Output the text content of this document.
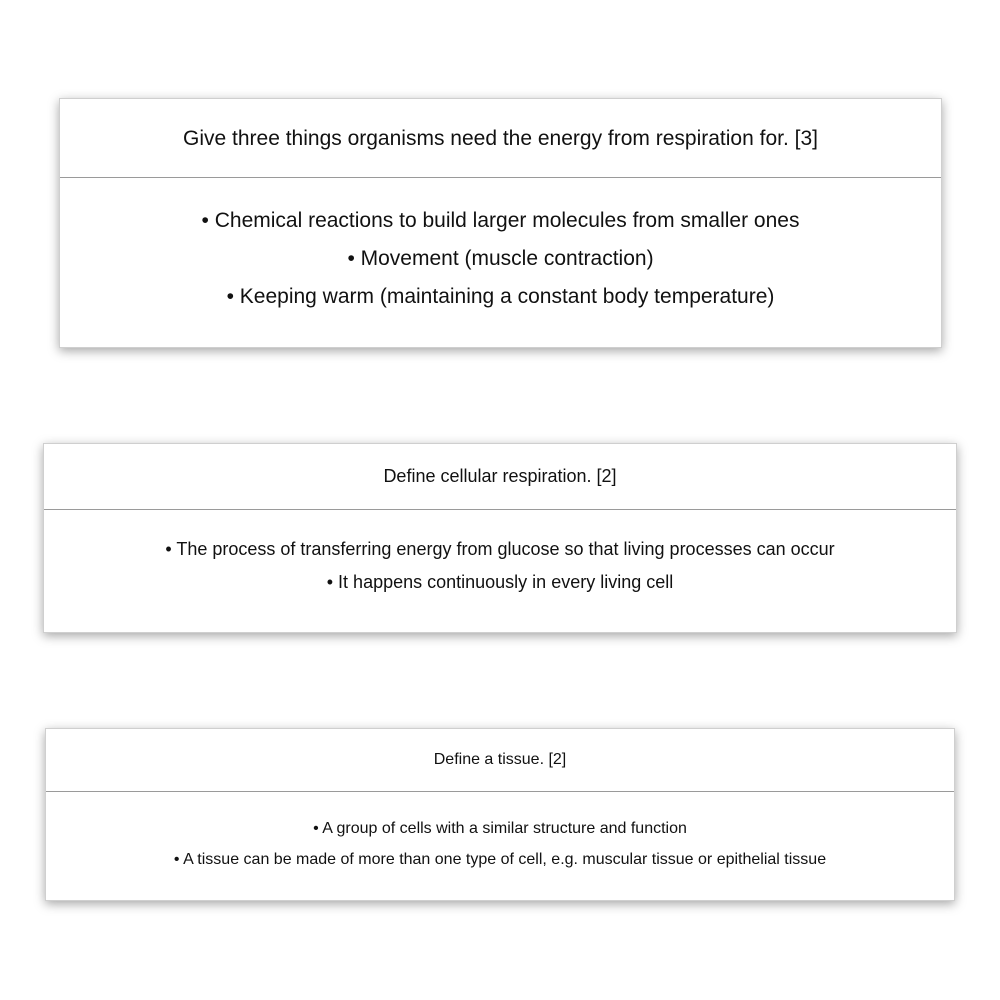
Give three things organisms need the energy from respiration for. [3]
• Chemical reactions to build larger molecules from smaller ones
• Movement (muscle contraction)
• Keeping warm (maintaining a constant body temperature)
Define cellular respiration. [2]
• The process of transferring energy from glucose so that living processes can occur
• It happens continuously in every living cell
Define a tissue. [2]
• A group of cells with a similar structure and function
• A tissue can be made of more than one type of cell, e.g. muscular tissue or epithelial tissue
